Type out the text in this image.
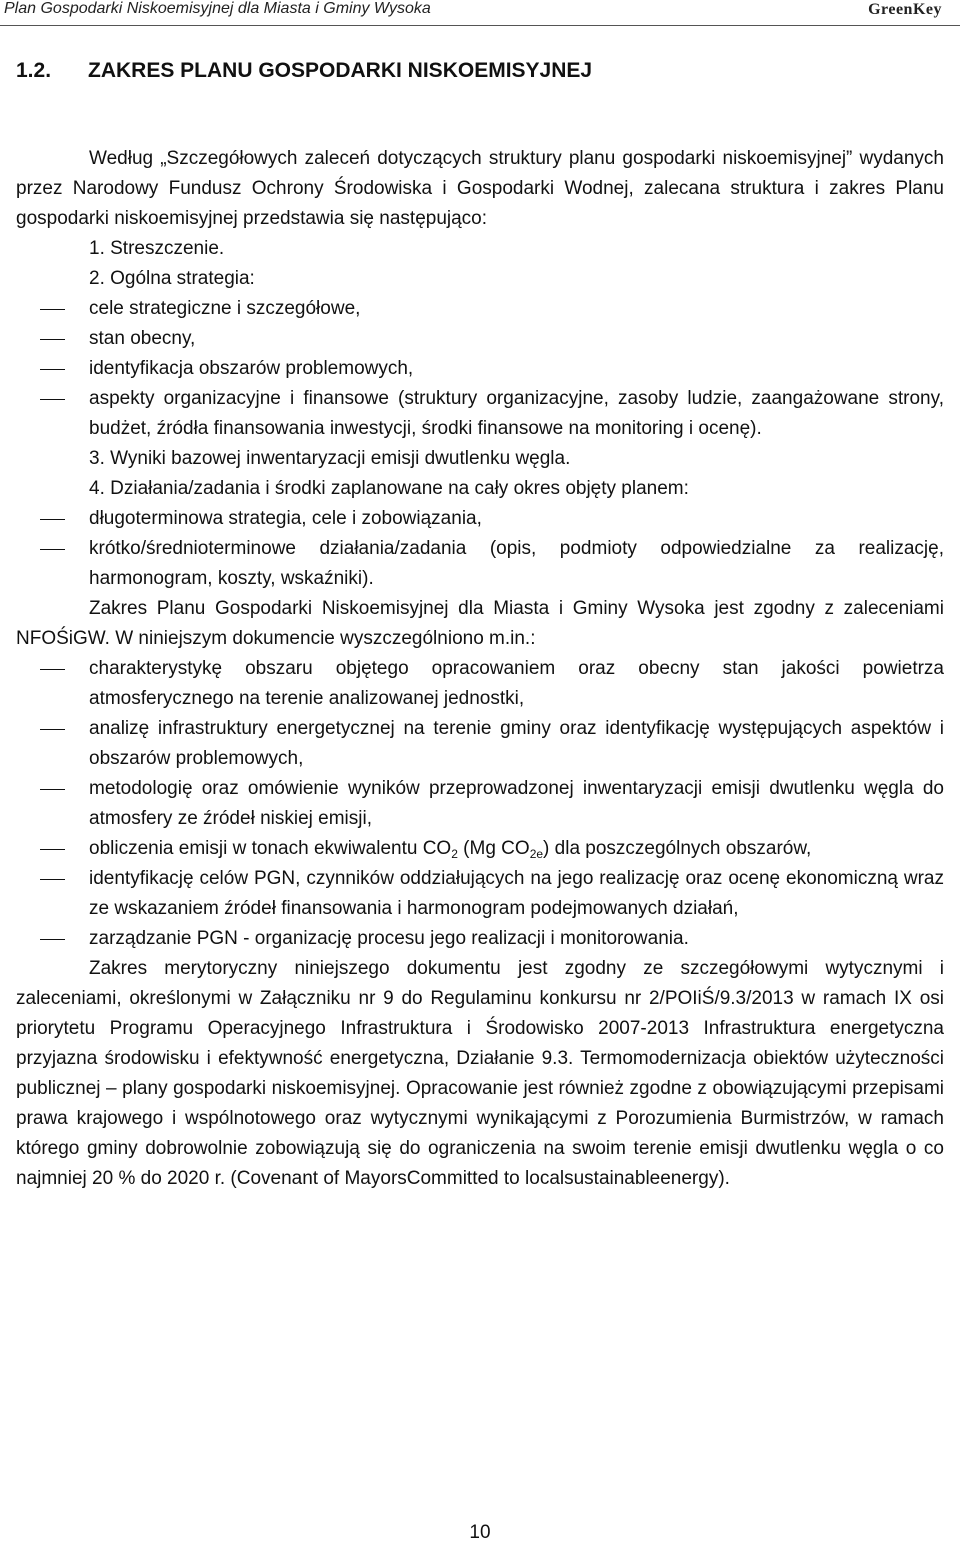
Plan Gospodarki Niskoemisyjnej dla Miasta i Gminy Wysoka	GreenKey
1.2. ZAKRES PLANU GOSPODARKI NISKOEMISYJNEJ

Według „Szczegółowych zaleceń dotyczących struktury planu gospodarki niskoemisyjnej” wydanych przez Narodowy Fundusz Ochrony Środowiska i Gospodarki Wodnej, zalecana struktura i zakres Planu gospodarki niskoemisyjnej przedstawia się następująco:

1. Streszczenie.

2. Ogólna strategia:

cele strategiczne i szczegółowe,
stan obecny,
identyfikacja obszarów problemowych,
aspekty organizacyjne i finansowe (struktury organizacyjne, zasoby ludzie, zaangażowane strony, budżet, źródła finansowania inwestycji, środki finansowe na monitoring i ocenę).

3. Wyniki bazowej inwentaryzacji emisji dwutlenku węgla.

4. Działania/zadania i środki zaplanowane na cały okres objęty planem:

długoterminowa strategia, cele i zobowiązania,
krótko/średnioterminowe działania/zadania (opis, podmioty odpowiedzialne za realizację, harmonogram, koszty, wskaźniki).

Zakres Planu Gospodarki Niskoemisyjnej dla Miasta i Gminy Wysoka jest zgodny z zaleceniami NFOŚiGW. W niniejszym dokumencie wyszczególniono m.in.:

charakterystykę obszaru objętego opracowaniem oraz obecny stan jakości powietrza atmosferycznego na terenie analizowanej jednostki,
analizę infrastruktury energetycznej na terenie gminy oraz identyfikację występujących aspektów i obszarów problemowych,
metodologię oraz omówienie wyników przeprowadzonej inwentaryzacji emisji dwutlenku węgla do atmosfery ze źródeł niskiej emisji,
obliczenia emisji w tonach ekwiwalentu $CO_2$ (Mg $CO_{2e}$) dla poszczególnych obszarów,
identyfikację celów PGN, czynników oddziałujących na jego realizację oraz ocenę ekonomiczną wraz ze wskazaniem źródeł finansowania i harmonogram podejmowanych działań,
zarządzanie PGN - organizację procesu jego realizacji i monitorowania.

Zakres merytoryczny niniejszego dokumentu jest zgodny ze szczegółowymi wytycznymi i zaleceniami, określonymi w Załączniku nr 9 do Regulaminu konkursu nr 2/POIiŚ/9.3/2013 w ramach IX osi priorytetu Programu Operacyjnego Infrastruktura i Środowisko 2007-2013 Infrastruktura energetyczna przyjazna środowisku i efektywność energetyczna, Działanie 9.3. Termomodernizacja obiektów użyteczności publicznej – plany gospodarki niskoemisyjnej. Opracowanie jest również zgodne z obowiązującymi przepisami prawa krajowego i wspólnotowego oraz wytycznymi wynikającymi z Porozumienia Burmistrzów, w ramach którego gminy dobrowolnie zobowiązują się do ograniczenia na swoim terenie emisji dwutlenku węgla o co najmniej 20 % do 2020 r. (Covenant of MayorsCommitted to localsustainableenergy).

10
